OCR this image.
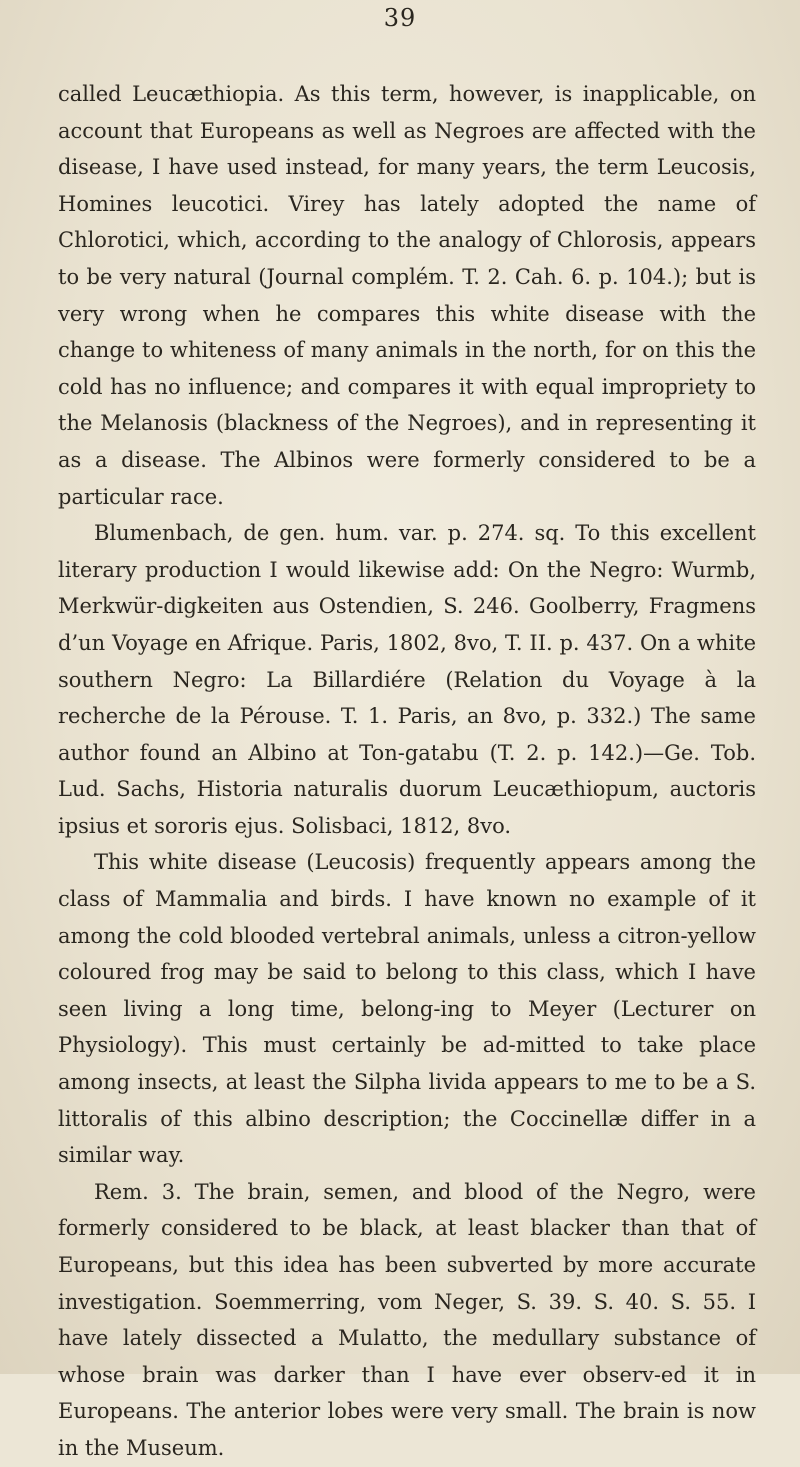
39

called Leucæthiopia. As this term, however, is inapplicable, on account that Europeans as well as Negroes are affected with the disease, I have used instead, for many years, the term Leucosis, Homines leucotici. Virey has lately adopted the name of Chlorotici, which, according to the analogy of Chlorosis, appears to be very natural (Journal complém. T. 2. Cah. 6. p. 104.); but is very wrong when he compares this white disease with the change to whiteness of many animals in the north, for on this the cold has no influence; and compares it with equal impropriety to the Melanosis (blackness of the Negroes), and in representing it as a disease. The Albinos were formerly considered to be a particular race.

Blumenbach, de gen. hum. var. p. 274. sq. To this excellent literary production I would likewise add: On the Negro: Wurmb, Merkwür-digkeiten aus Ostendien, S. 246. Goolberry, Fragmens d’un Voyage en Afrique. Paris, 1802, 8vo, T. II. p. 437. On a white southern Negro: La Billardiére (Relation du Voyage à la recherche de la Pérouse. T. 1. Paris, an 8vo, p. 332.) The same author found an Albino at Ton-gatabu (T. 2. p. 142.)—Ge. Tob. Lud. Sachs, Historia naturalis duorum Leucæthiopum, auctoris ipsius et sororis ejus. Solisbaci, 1812, 8vo.

This white disease (Leucosis) frequently appears among the class of Mammalia and birds. I have known no example of it among the cold blooded vertebral animals, unless a citron-yellow coloured frog may be said to belong to this class, which I have seen living a long time, belong-ing to Meyer (Lecturer on Physiology). This must certainly be ad-mitted to take place among insects, at least the Silpha livida appears to me to be a S. littoralis of this albino description; the Coccinellæ differ in a similar way.

Rem. 3. The brain, semen, and blood of the Negro, were formerly considered to be black, at least blacker than that of Europeans, but this idea has been subverted by more accurate investigation. Soemmerring, vom Neger, S. 39. S. 40. S. 55. I have lately dissected a Mulatto, the medullary substance of whose brain was darker than I have ever observ-ed it in Europeans. The anterior lobes were very small. The brain is now in the Museum.
